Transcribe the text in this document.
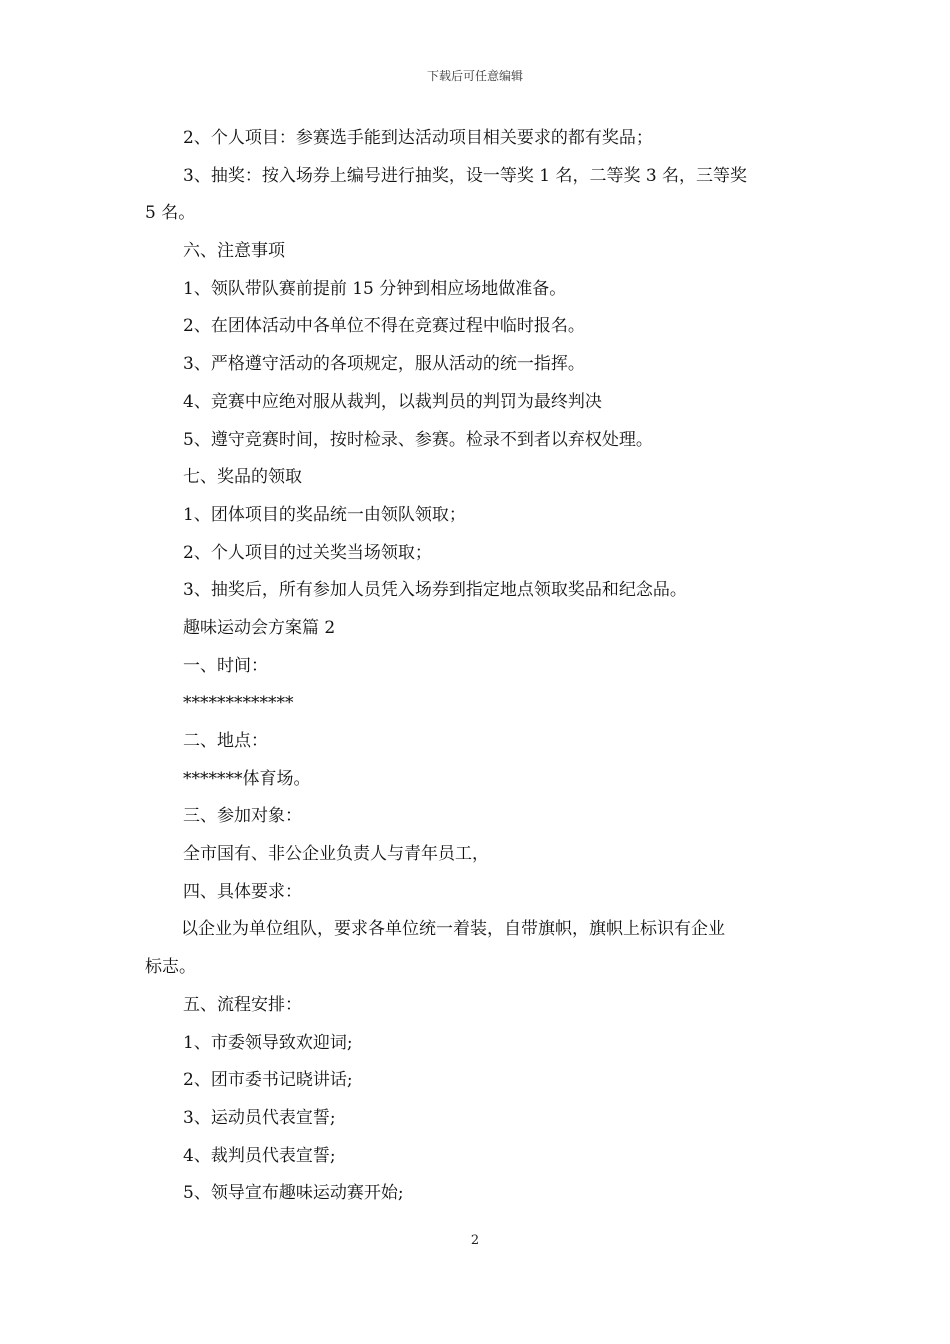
下载后可任意编辑
2、个人项目：参赛选手能到达活动项目相关要求的都有奖品；
3、抽奖：按入场券上编号进行抽奖，设一等奖 1 名，二等奖 3 名，三等奖
5 名。
六、注意事项
1、领队带队赛前提前 15 分钟到相应场地做准备。
2、在团体活动中各单位不得在竞赛过程中临时报名。
3、严格遵守活动的各项规定，服从活动的统一指挥。
4、竞赛中应绝对服从裁判，以裁判员的判罚为最终判决
5、遵守竞赛时间，按时检录、参赛。检录不到者以弃权处理。
七、奖品的领取
1、团体项目的奖品统一由领队领取；
2、个人项目的过关奖当场领取；
3、抽奖后，所有参加人员凭入场券到指定地点领取奖品和纪念品。
趣味运动会方案篇 2
一、时间：
*************
二、地点：
*******体育场。
三、参加对象：
全市国有、非公企业负责人与青年员工，
四、具体要求：
以企业为单位组队，要求各单位统一着装，自带旗帜，旗帜上标识有企业
标志。
五、流程安排：
1、市委领导致欢迎词;
2、团市委书记晓讲话;
3、运动员代表宣誓;
4、裁判员代表宣誓;
5、领导宣布趣味运动赛开始;
2
